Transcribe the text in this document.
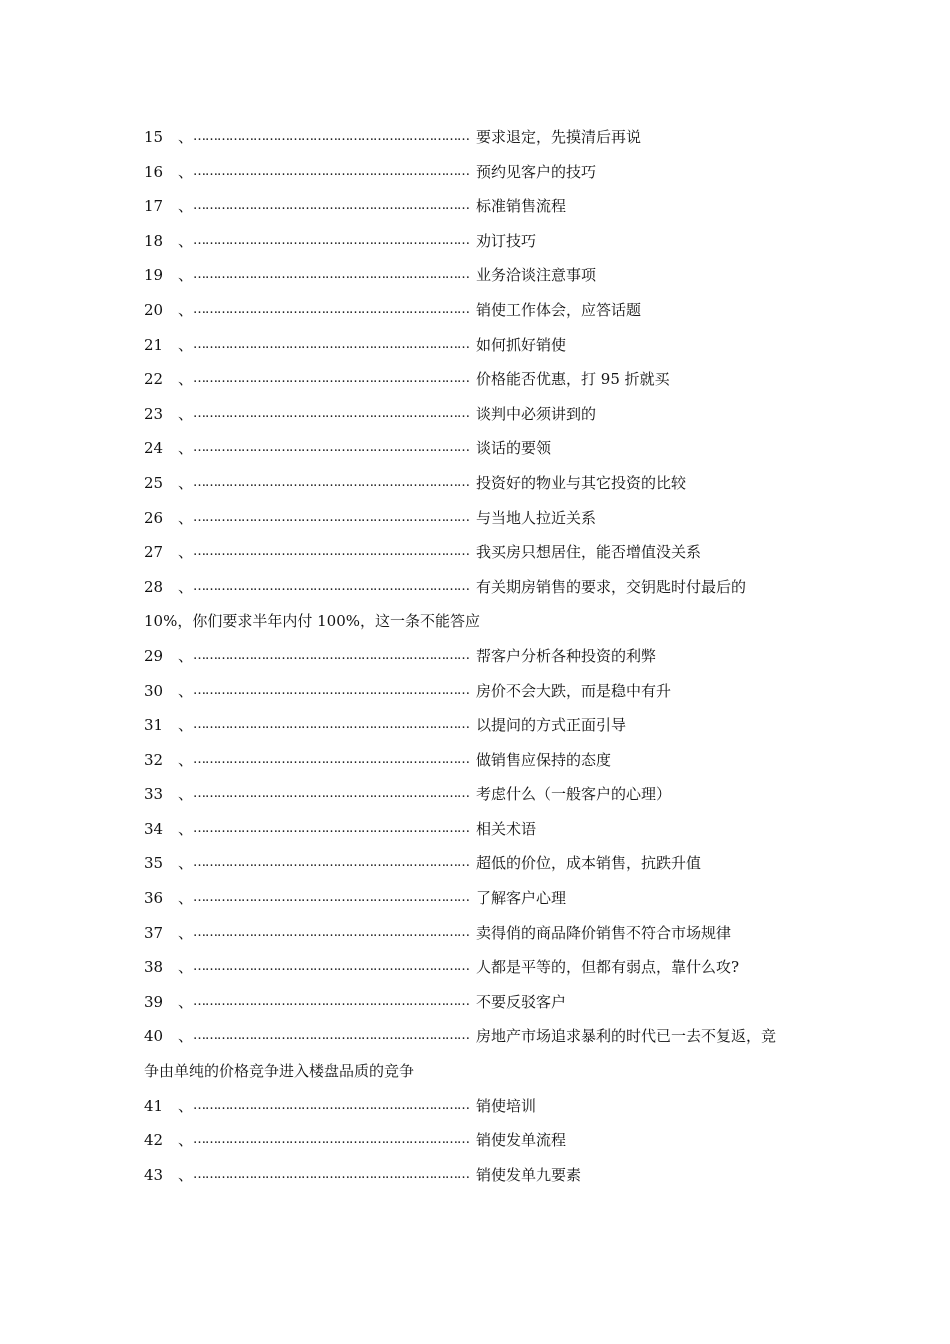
15 、…………………………………………………………… 要求退定，先摸清后再说
16 、…………………………………………………………… 预约见客户的技巧
17 、…………………………………………………………… 标准销售流程
18 、…………………………………………………………… 劝订技巧
19 、…………………………………………………………… 业务洽谈注意事项
20 、…………………………………………………………… 销使工作体会，应答话题
21 、…………………………………………………………… 如何抓好销使
22 、…………………………………………………………… 价格能否优惠，打 95 折就买
23 、…………………………………………………………… 谈判中必须讲到的
24 、…………………………………………………………… 谈话的要领
25 、…………………………………………………………… 投资好的物业与其它投资的比较
26 、…………………………………………………………… 与当地人拉近关系
27 、…………………………………………………………… 我买房只想居住，能否增值没关系
28 、…………………………………………………………… 有关期房销售的要求，交钥匙时付最后的
10%，你们要求半年内付 100%，这一条不能答应
29 、…………………………………………………………… 帮客户分析各种投资的利弊
30 、…………………………………………………………… 房价不会大跌，而是稳中有升
31 、…………………………………………………………… 以提问的方式正面引导
32 、…………………………………………………………… 做销售应保持的态度
33 、…………………………………………………………… 考虑什么（一般客户的心理）
34 、…………………………………………………………… 相关术语
35 、…………………………………………………………… 超低的价位，成本销售，抗跌升值
36 、…………………………………………………………… 了解客户心理
37 、…………………………………………………………… 卖得俏的商品降价销售不符合市场规律
38 、…………………………………………………………… 人都是平等的，但都有弱点，靠什么攻?
39 、…………………………………………………………… 不要反驳客户
40 、…………………………………………………………… 房地产市场追求暴利的时代已一去不复返，竞
争由单纯的价格竞争进入楼盘品质的竞争
41 、…………………………………………………………… 销使培训
42 、…………………………………………………………… 销使发单流程
43 、…………………………………………………………… 销使发单九要素
